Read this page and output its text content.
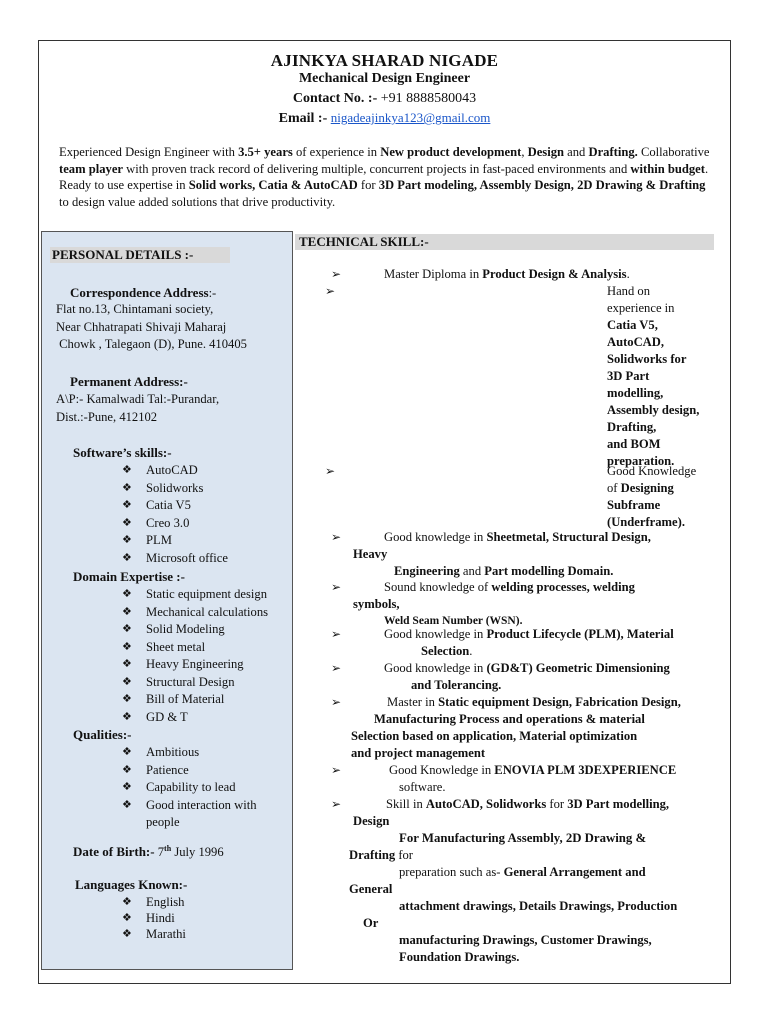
AJINKYA SHARAD NIGADE
Mechanical Design Engineer
Contact No. :- +91 8888580043
Email :- nigadeajinkya123@gmail.com
Experienced Design Engineer with 3.5+ years of experience in New product development, Design and Drafting. Collaborative team player with proven track record of delivering multiple, concurrent projects in fast-paced environments and within budget. Ready to use expertise in Solid works, Catia & AutoCAD for 3D Part modeling, Assembly Design, 2D Drawing & Drafting to design value added solutions that drive productivity.
PERSONAL DETAILS :-
Correspondence Address:-
Flat no.13, Chintamani society,
Near Chhatrapati Shivaji Maharaj
Chowk , Talegaon (D), Pune. 410405
Permanent Address:-
A\P:- Kamalwadi Tal:-Purandar,
Dist.:-Pune, 412102
Software’s skills:-
❖ AutoCAD
❖ Solidworks
❖ Catia V5
❖ Creo 3.0
❖ PLM
❖ Microsoft office
Domain Expertise :-
❖ Static equipment design
❖ Mechanical calculations
❖ Solid Modeling
❖ Sheet metal
❖ Heavy Engineering
❖ Structural Design
❖ Bill of Material
❖ GD & T
Qualities:-
❖ Ambitious
❖ Patience
❖ Capability to lead
❖ Good interaction with
people
Date of Birth:- 7th July 1996
Languages Known:-
❖ English
❖ Hindi
❖ Marathi
TECHNICAL SKILL:-
➢	Master Diploma in Product Design & Analysis.
➢	Hand on
experience in
Catia V5,
AutoCAD,
Solidworks for
3D Part
modelling,
Assembly design,
Drafting,
and BOM
preparation.
➢	Good Knowledge
of Designing
Subframe
(Underframe).
➢	Good knowledge in Sheetmetal, Structural Design,
Heavy
Engineering and Part modelling Domain.
➢	Sound knowledge of welding processes, welding
symbols,
Weld Seam Number (WSN).
➢	Good knowledge in Product Lifecycle (PLM), Material
Selection.
➢	Good knowledge in (GD&T) Geometric Dimensioning
and Tolerancing.
➢	Master in Static equipment Design, Fabrication Design,
Manufacturing Process and operations & material
Selection based on application, Material optimization
and project management
➢	Good Knowledge in ENOVIA PLM 3DEXPERIENCE
software.
➢	Skill in AutoCAD, Solidworks for 3D Part modelling,
Design
For Manufacturing Assembly, 2D Drawing &
Drafting for
preparation such as- General Arrangement and
General
attachment drawings, Details Drawings, Production
Or
manufacturing Drawings, Customer Drawings,
Foundation Drawings.
